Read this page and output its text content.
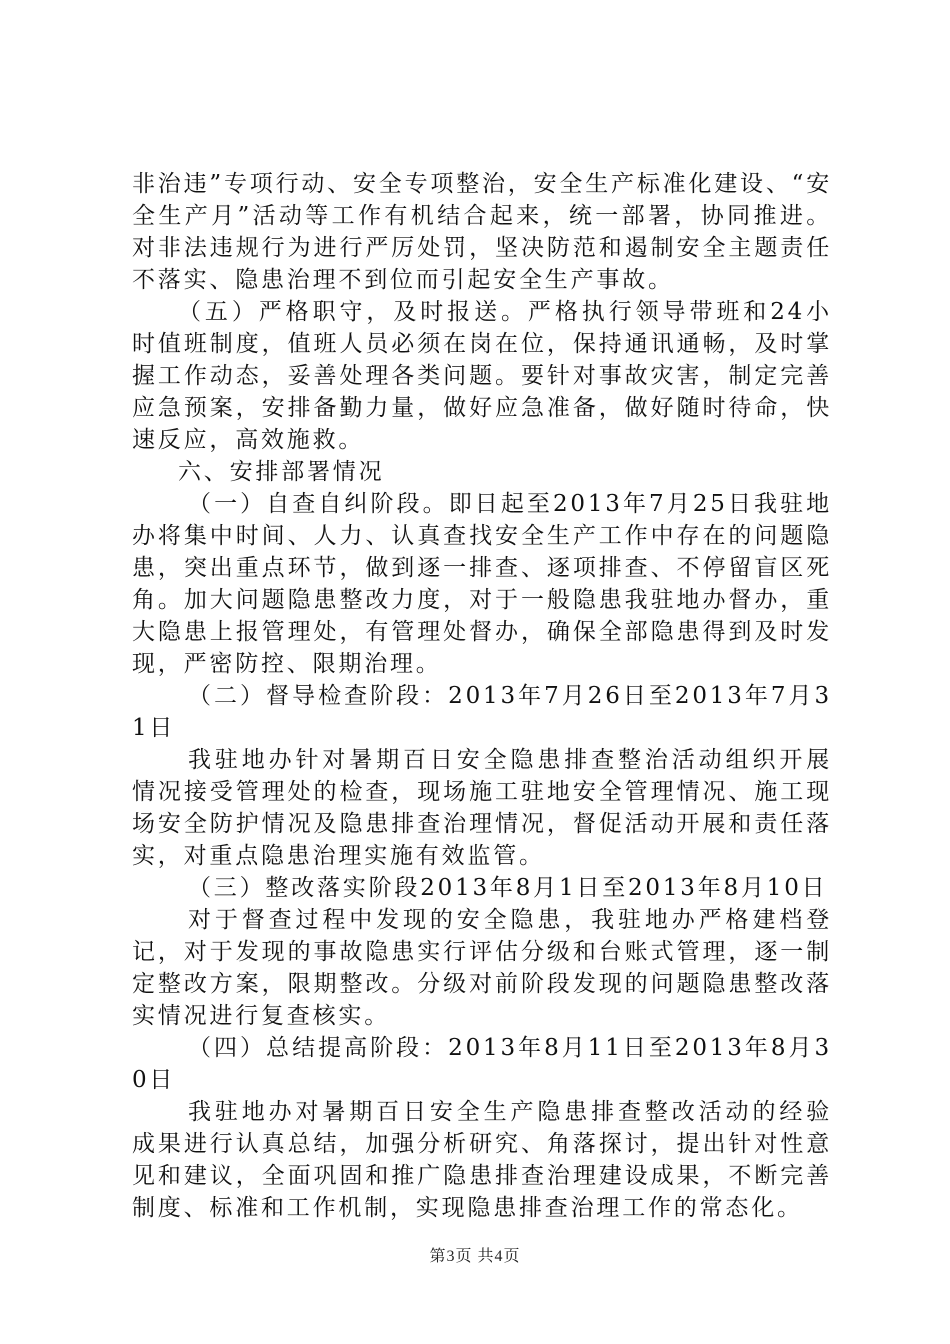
非治违”专项行动、安全专项整治，安全生产标准化建设、“安全生产月”活动等工作有机结合起来，统一部署，协同推进。对非法违规行为进行严厉处罚，坚决防范和遏制安全主题责任不落实、隐患治理不到位而引起安全生产事故。

（五）严格职守，及时报送。严格执行领导带班和24小时值班制度，值班人员必须在岗在位，保持通讯通畅，及时掌握工作动态，妥善处理各类问题。要针对事故灾害，制定完善应急预案，安排备勤力量，做好应急准备，做好随时待命，快速反应，高效施救。

六、安排部署情况

（一）自查自纠阶段。即日起至2013年7月25日我驻地办将集中时间、人力、认真查找安全生产工作中存在的问题隐患，突出重点环节，做到逐一排查、逐项排查、不停留盲区死角。加大问题隐患整改力度，对于一般隐患我驻地办督办，重大隐患上报管理处，有管理处督办，确保全部隐患得到及时发现，严密防控、限期治理。

（二）督导检查阶段：2013年7月26日至2013年7月31日

我驻地办针对暑期百日安全隐患排查整治活动组织开展情况接受管理处的检查，现场施工驻地安全管理情况、施工现场安全防护情况及隐患排查治理情况，督促活动开展和责任落实，对重点隐患治理实施有效监管。

（三）整改落实阶段2013年8月1日至2013年8月10日

对于督查过程中发现的安全隐患，我驻地办严格建档登记，对于发现的事故隐患实行评估分级和台账式管理，逐一制定整改方案，限期整改。分级对前阶段发现的问题隐患整改落实情况进行复查核实。

（四）总结提高阶段：2013年8月11日至2013年8月30日

我驻地办对暑期百日安全生产隐患排查整改活动的经验成果进行认真总结，加强分析研究、角落探讨，提出针对性意见和建议，全面巩固和推广隐患排查治理建设成果，不断完善制度、标准和工作机制，实现隐患排查治理工作的常态化。

第3页 共4页
